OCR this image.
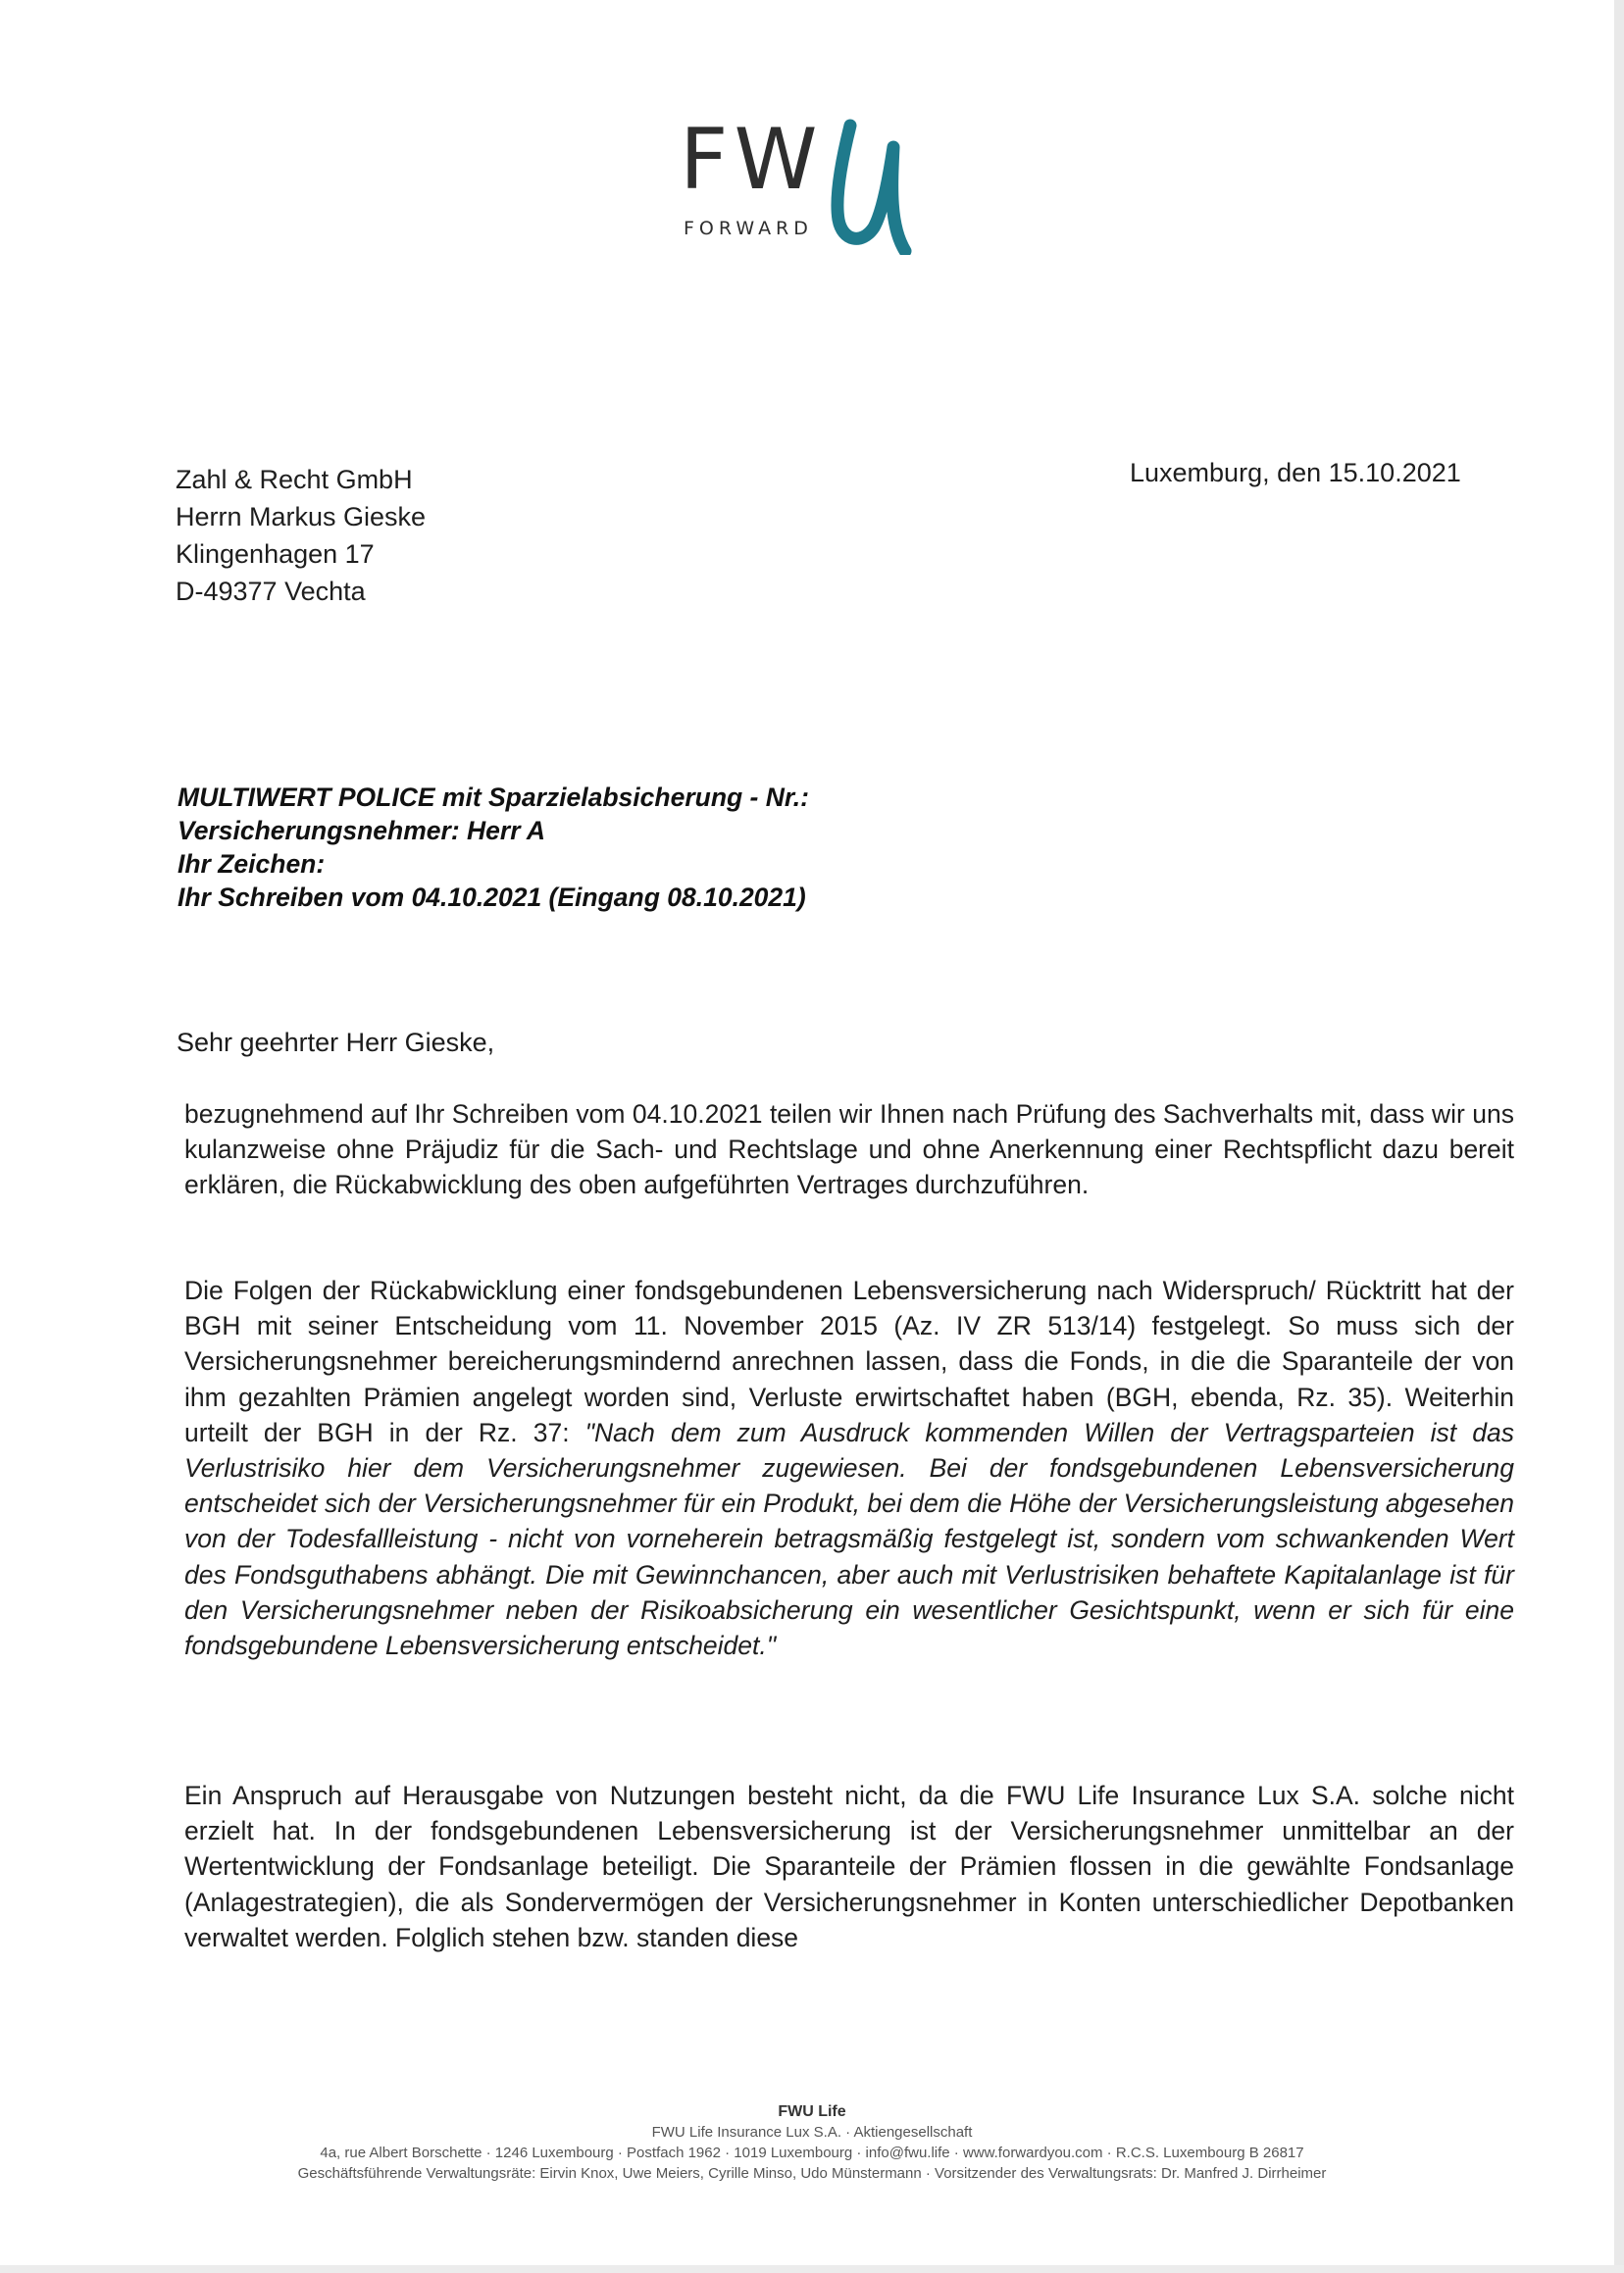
FW
FORWARD
Zahl & Recht GmbH
Herrn Markus Gieske
Klingenhagen 17
D-49377 Vechta
Luxemburg, den 15.10.2021
MULTIWERT POLICE mit Sparzielabsicherung - Nr.:
Versicherungsnehmer: Herr A
Ihr Zeichen:
Ihr Schreiben vom 04.10.2021 (Eingang 08.10.2021)
Sehr geehrter Herr Gieske,
bezugnehmend auf Ihr Schreiben vom 04.10.2021 teilen wir Ihnen nach Prüfung des Sachverhalts mit, dass wir uns kulanzweise ohne Präjudiz für die Sach- und Rechtslage und ohne Anerkennung einer Rechtspflicht dazu bereit erklären, die Rückabwicklung des oben aufgeführten Vertrages durchzuführen.
Die Folgen der Rückabwicklung einer fondsgebundenen Lebensversicherung nach Widerspruch/ Rücktritt hat der BGH mit seiner Entscheidung vom 11. November 2015 (Az. IV ZR 513/14) festgelegt. So muss sich der Versicherungsnehmer bereicherungsmindernd anrechnen lassen, dass die Fonds, in die die Sparanteile der von ihm gezahlten Prämien angelegt worden sind, Verluste erwirtschaftet haben (BGH, ebenda, Rz. 35). Weiterhin urteilt der BGH in der Rz. 37: "Nach dem zum Ausdruck kommenden Willen der Vertragsparteien ist das Verlustrisiko hier dem Versicherungsnehmer zugewiesen. Bei der fondsgebundenen Lebensversicherung entscheidet sich der Versicherungsnehmer für ein Produkt, bei dem die Höhe der Versicherungsleistung abgesehen von der Todesfallleistung - nicht von vorneherein betragsmäßig festgelegt ist, sondern vom schwankenden Wert des Fondsguthabens abhängt. Die mit Gewinnchancen, aber auch mit Verlustrisiken behaftete Kapitalanlage ist für den Versicherungsnehmer neben der Risikoabsicherung ein wesentlicher Gesichtspunkt, wenn er sich für eine fondsgebundene Lebensversicherung entscheidet."
Ein Anspruch auf Herausgabe von Nutzungen besteht nicht, da die FWU Life Insurance Lux S.A. solche nicht erzielt hat. In der fondsgebundenen Lebensversicherung ist der Versicherungsnehmer unmittelbar an der Wertentwicklung der Fondsanlage beteiligt. Die Sparanteile der Prämien flossen in die gewählte Fondsanlage (Anlagestrategien), die als Sondervermögen der Versicherungsnehmer in Konten unterschiedlicher Depotbanken verwaltet werden. Folglich stehen bzw. standen diese
FWU Life
FWU Life Insurance Lux S.A. · Aktiengesellschaft
4a, rue Albert Borschette · 1246 Luxembourg · Postfach 1962 · 1019 Luxembourg · info@fwu.life · www.forwardyou.com · R.C.S. Luxembourg B 26817
Geschäftsführende Verwaltungsräte: Eirvin Knox, Uwe Meiers, Cyrille Minso, Udo Münstermann · Vorsitzender des Verwaltungsrats: Dr. Manfred J. Dirrheimer
